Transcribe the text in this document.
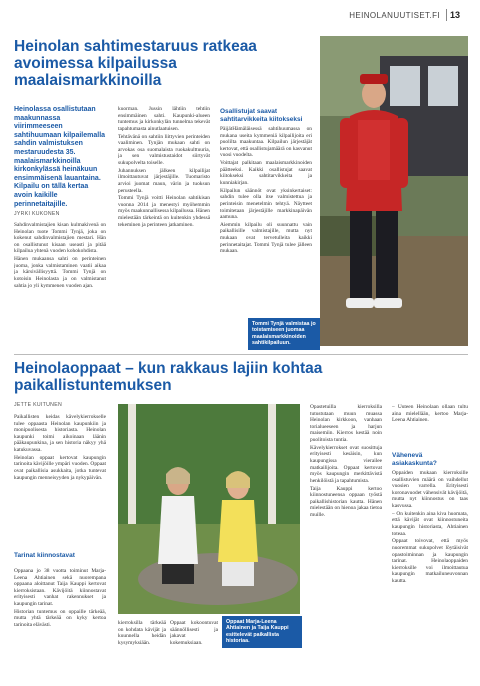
HEINOLANUUTISET.FI 13
Heinolan sahtimestaruus ratkeaa avoimessa kilpailussa maalaismarkkinoilla
Heinolassa osallistutaan maakunnassa viirimmeeseen sahtihuumaan kilpailemalla sahdin valmistuksen mestaruudesta 35. maalaismarkkinoilla kirkonkylässä heinäkuun ensimmäisenä lauantaina. Kilpailu on tällä kertaa avoin kaikille perinnetaitajille.
JYRKI KUKONEN

Sahdinvalmistajien kisan kulmakivenä on Heinolan tuote Tommi Tynjä, joka on kokenut sahdinvalmistajien mestari. Hän on osallistunut kisaan useasti ja pitää kilpailua yhtenä vuoden kohokohdista.

Hänen mukaansa sahti on perinteinen juoma, jonka valmistaminen vaatii aikaa ja kärsivällisyyttä. Tommi Tynjä on kotoisin Heinolasta ja on valmistanut sahtia jo yli kymmenen vuoden ajan.

kuorman. Jussin lähtiin tehtiin ensimmäinen sahti. Kaupunki-alueen tuntemus ja kirkonkylän tunnelma tekevät tapahtumasta ainutlaatuisen.

Tehtävänä on sahtiin liittyvien perinteiden vaaliminen. Tynjän mukaan sahti on arvokas osa suomalaista ruokakulttuuria, ja sen valmistustaidot siirtyvät sukupolvelta toiselle.

Juhannuksen jälkeen kilpailijat ilmoittautuvat järjestäjille. Tuomaristo arvioi juomat maun, värin ja tuoksun perusteella.

Tommi Tynjä voitti Heinolan sahtikisan vuonna 2014 ja menestyi myöhemmin myös maakunnallisessa kilpailussa. Hänen mielestään tärkeintä on kuitenkin yhdessä tekeminen ja perinteen jatkaminen.

Osallistujat saavat sahtitarvikkeita kiitokseksi

PäijätHämäläisessä sahtihuumassa on mukana useita kymmeniä kilpailijoita eri puolilta maakuntaa. Kilpailun järjestäjät kertovat, että osallistujamäärä on kasvanut vuosi vuodelta.

Voittajat palkitaan maalaismarkkinoiden päätteeksi. Kaikki osallistujat saavat kiitokseksi sahtitarvikkeita ja kunniakirjan.

Kilpailun säännöt ovat yksinkertaiset: sahdin tulee olla itse valmistettua ja perinteisin menetelmin tehtyä. Näytteet toimitetaan järjestäjille markkinapäivän aamuna.

Aiemmin kilpailu oli suunnattu vain paikallisille valmistajille, mutta nyt mukaan ovat tervetulleita kaikki perinnetaitajat. Tommi Tynjä tulee jälleen mukaan.

Tommi Tynjä valmistaa jo toistamiseen juomaa maalaismarkkinoiden sahtikilpailuun.
Heinolaoppaat – kun rakkaus lajiin kohtaa paikallistuntemuksen
JETTE KUITUNEN

Paikallisten keidas kävelykierrokselle tulee oppaasta Heinolan kaupunkiin ja monipuolisesta historiasta. Heinolan kaupunki toimi aikoinaan läänin pääkaupunkina, ja sen historia näkyy yhä katukuvassa.

Heinolan oppaat kertovat kaupungin tarinoita kävijöille ympäri vuoden. Oppaat ovat paikallisia asukkaita, jotka tuntevat kaupungin menneisyyden ja nykypäivän.

Tarinat kiinnostavat

Oppaana jo 38 vuotta toiminut Marja-Leena Ahtiainen sekä nuorempana oppaana aloittanut Taija Kauppi kertovat kierroksistaan. Kävijöitä kiinnostavat erityisesti vanhat rakennukset ja kaupungin tarinat.

Historian tuntemus on oppaille tärkeää, mutta yhtä tärkeää on kyky kertoa tarinoita elävästi.	Oppaat Marja-Leena Ahtiainen ja Taija Kauppi esittelevät paikallista historiaa.

kierroksilla tärkeää on kohdata kävijät ja kuunnella heidän kysymyksiään.

Oppaat kokoontuvat säännöllisesti ja jakavat kokemuksiaan.

Opastetuilla kierroksilla tutustutaan muun muassa Heinolan kirkkoon, vanhaan torialueeseen ja harjun maisemiin. Kierros kestää noin puolitoista tuntia.

Kävelykierrokset ovat suosittuja erityisesti kesäisin, kun kaupungissa vierailee matkailijoita. Oppaat kertovat myös kaupungin merkittävistä henkilöistä ja tapahtumista.

Taija Kauppi kertoo kiinnostuneensa oppaan työstä paikallishistorian kautta. Hänen mielestään on hienoa jakaa tietoa muille.

– Uuteen Heinolaan ollaan tultu aina mielellään, kertoo Marja-Leena Ahtiainen.

Vähenevä asiakaskunta?

Oppaiden mukaan kierroksille osallistuvien määrä on vaihdellut vuosien varrella. Erityisesti koronavuodet vähensivät kävijöitä, mutta nyt kiinnostus on taas kasvussa.

– On kuitenkin aina kiva huomata, että kävijät ovat kiinnostuneita kaupungin historiasta, Ahtiainen toteaa.

Oppaat toivovat, että myös nuoremmat sukupolvet löytäisivät opastoiminnan ja kaupungin tarinat. Heinolaoppaiden kierroksille voi ilmoittautua kaupungin matkailuneuvonnan kautta.
